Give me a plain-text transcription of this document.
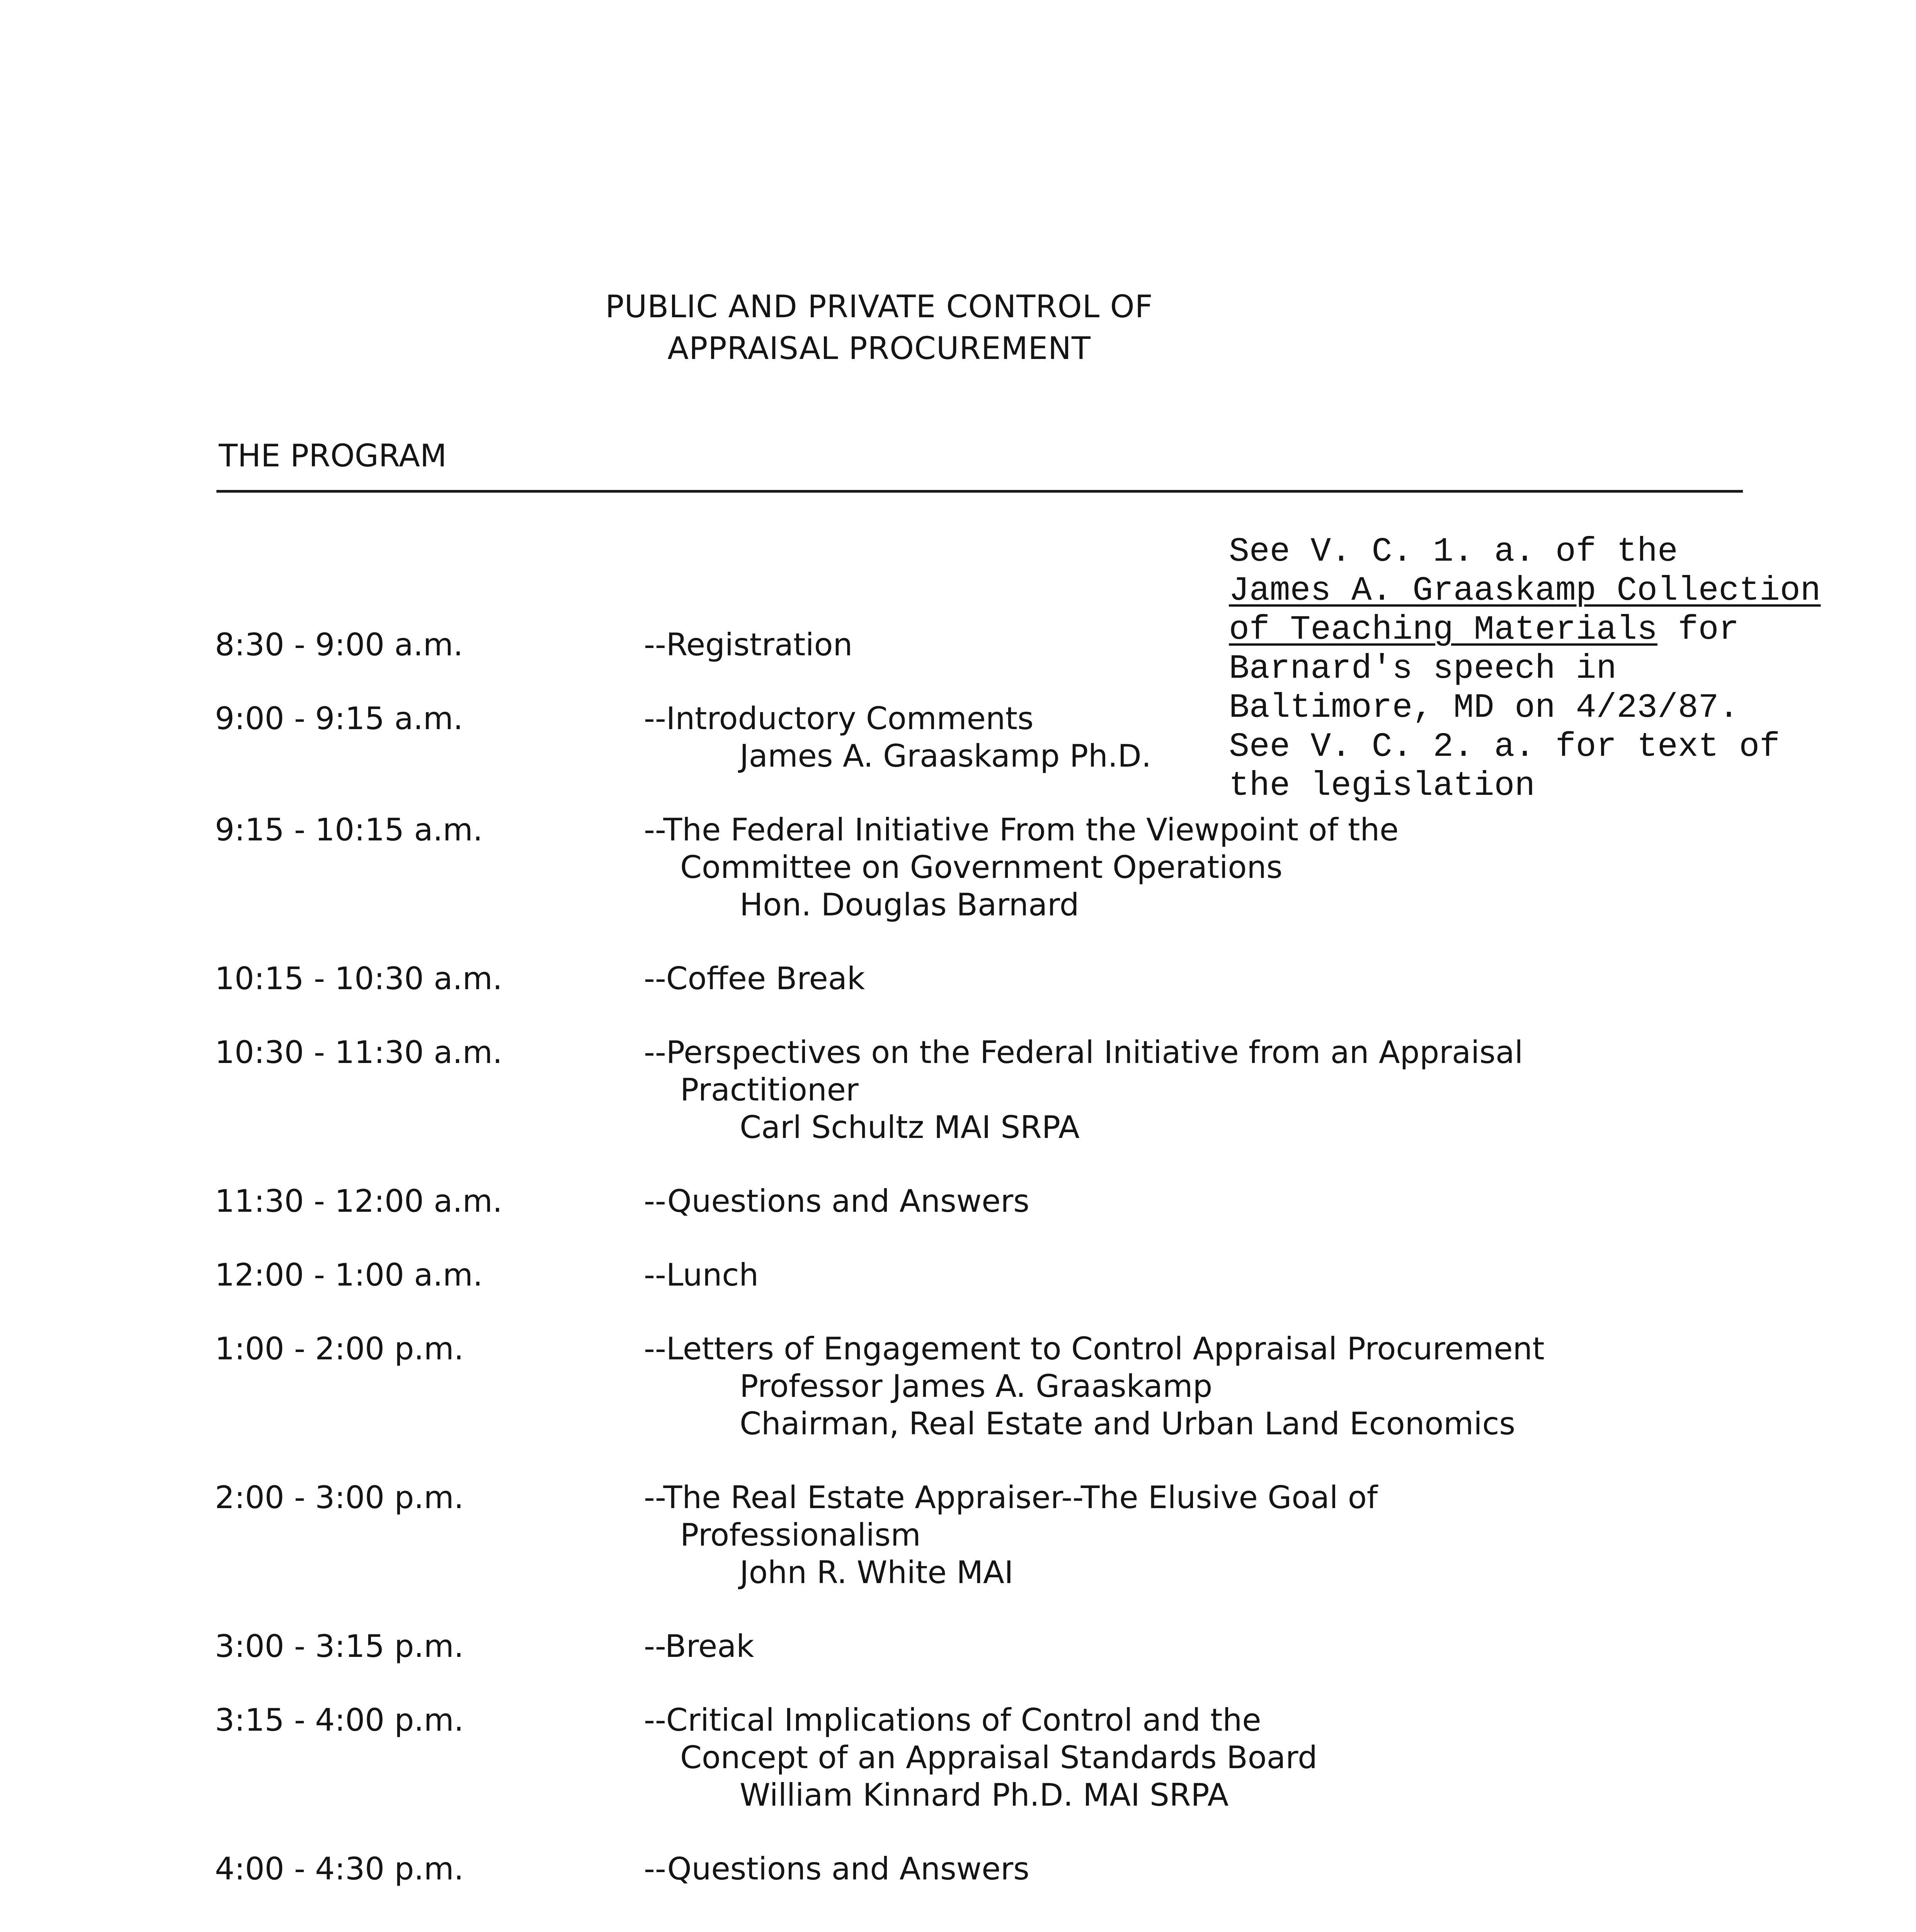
PUBLIC AND PRIVATE CONTROL OF
APPRAISAL PROCUREMENT
THE PROGRAM
See V. C. 1. a. of the
James A. Graaskamp Collection
of Teaching Materials for
Barnard's speech in
Baltimore, MD on 4/23/87.
See V. C. 2. a. for text of
the legislation
8:30 - 9:00 a.m.	--Registration
9:00 - 9:15 a.m.	--Introductory Comments
James A. Graaskamp Ph.D.
9:15 - 10:15 a.m.	--The Federal Initiative From the Viewpoint of the
Committee on Government Operations
Hon. Douglas Barnard
10:15 - 10:30 a.m.	--Coffee Break
10:30 - 11:30 a.m.	--Perspectives on the Federal Initiative from an Appraisal
Practitioner
Carl Schultz MAI SRPA
11:30 - 12:00 a.m.	--Questions and Answers
12:00 - 1:00 a.m.	--Lunch
1:00 - 2:00 p.m.	--Letters of Engagement to Control Appraisal Procurement
Professor James A. Graaskamp
Chairman, Real Estate and Urban Land Economics
2:00 - 3:00 p.m.	--The Real Estate Appraiser--The Elusive Goal of
Professionalism
John R. White MAI
3:00 - 3:15 p.m.	--Break
3:15 - 4:00 p.m.	--Critical Implications of Control and the
Concept of an Appraisal Standards Board
William Kinnard Ph.D. MAI SRPA
4:00 - 4:30 p.m.	--Questions and Answers
